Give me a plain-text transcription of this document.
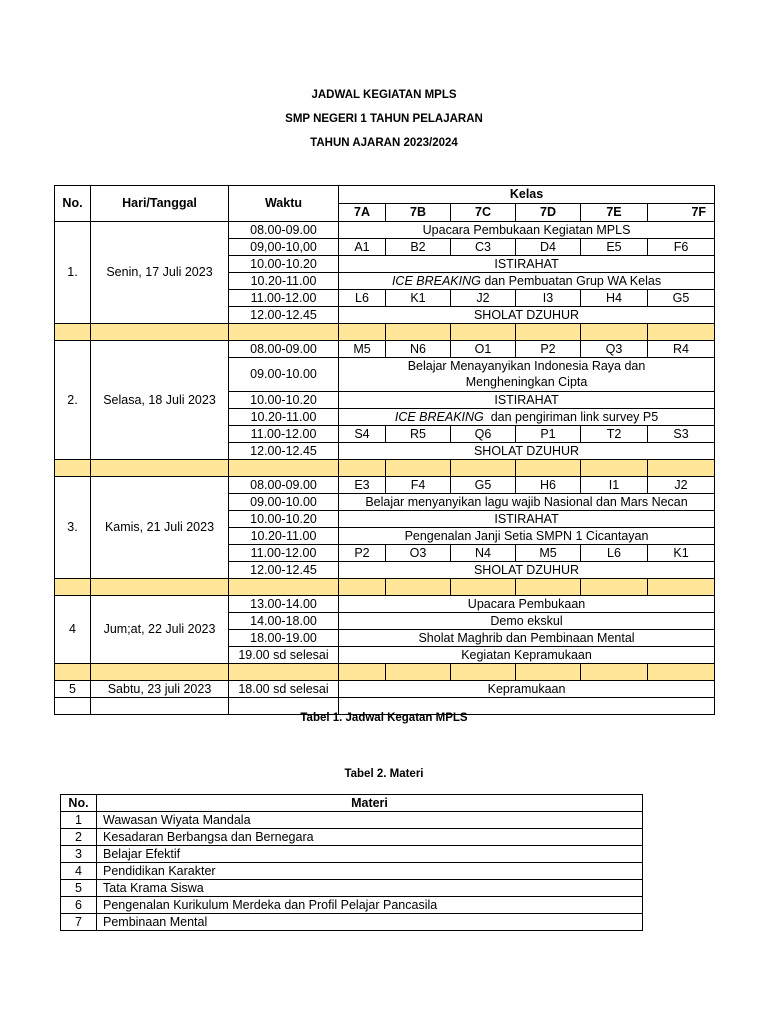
JADWAL KEGIATAN MPLS
SMP NEGERI 1 TAHUN PELAJARAN
TAHUN AJARAN 2023/2024
No.	Hari/Tanggal	Waktu	Kelas					
			7A	7B	7C	7D	7E	7F
1.	Senin, 17 Juli 2023	08.00-09.00	Upacara Pembukaan Kegiatan MPLS					
		09,00-10,00	A1	B2	C3	D4	E5	F6
		10.00-10.20	ISTIRAHAT					
		10.20-11.00	ICE BREAKING dan Pembuatan Grup WA Kelas					
		11.00-12.00	L6	K1	J2	I3	H4	G5
		12.00-12.45	SHOLAT DZUHUR					

2.	Selasa, 18 Juli 2023	08.00-09.00	M5	N6	O1	P2	Q3	R4
		09.00-10.00	Belajar Menayanyikan Indonesia Raya dan					
			Mengheningkan Cipta					
		10.00-10.20	ISTIRAHAT					
		10.20-11.00	ICE BREAKING  dan pengiriman link survey P5					
		11.00-12.00	S4	R5	Q6	P1	T2	S3
		12.00-12.45	SHOLAT DZUHUR					

3.	Kamis, 21 Juli 2023	08.00-09.00	E3	F4	G5	H6	I1	J2
		09.00-10.00	Belajar menyanyikan lagu wajib Nasional dan Mars Necan					
		10.00-10.20	ISTIRAHAT					
		10.20-11.00	Pengenalan Janji Setia SMPN 1 Cicantayan					
		11.00-12.00	P2	O3	N4	M5	L6	K1
		12.00-12.45	SHOLAT DZUHUR					

4	Jum;at, 22 Juli 2023	13.00-14.00	Upacara Pembukaan					
		14.00-18.00	Demo ekskul					
		18.00-19.00	Sholat Maghrib dan Pembinaan Mental					
		19.00 sd selesai	Kegiatan Kepramukaan					

5	Sabtu, 23 juli 2023	18.00 sd selesai	Kepramukaan					

Tabel 1. Jadwal Kegatan MPLS
Tabel 2. Materi
No.	Materi
1	Wawasan Wiyata Mandala
2	Kesadaran Berbangsa dan Bernegara
3	Belajar Efektif
4	Pendidikan Karakter
5	Tata Krama Siswa
6	Pengenalan Kurikulum Merdeka dan Profil Pelajar Pancasila
7	Pembinaan Mental
